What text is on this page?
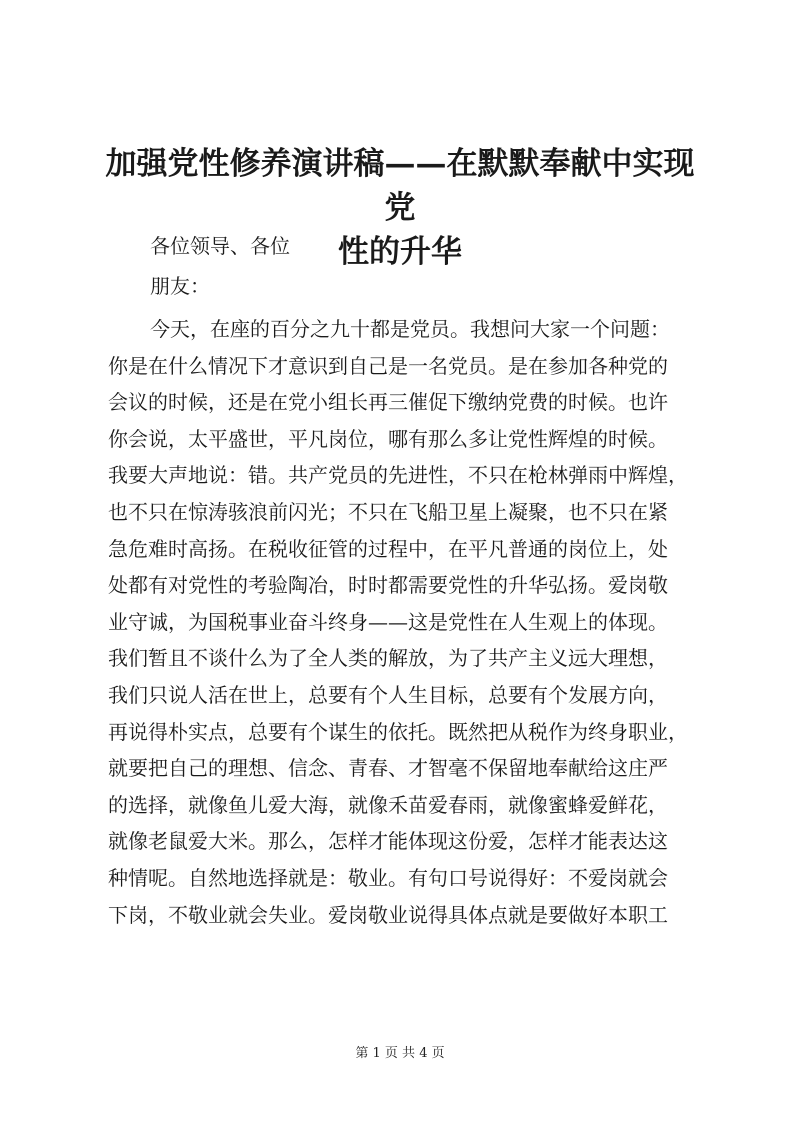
加强党性修养演讲稿——在默默奉献中实现党
性的升华

各位领导、各位

朋友：

今天，在座的百分之九十都是党员。我想问大家一个问题：
你是在什么情况下才意识到自己是一名党员。是在参加各种党的
会议的时候，还是在党小组长再三催促下缴纳党费的时候。也许
你会说，太平盛世，平凡岗位，哪有那么多让党性辉煌的时候。
我要大声地说：错。共产党员的先进性，不只在枪林弹雨中辉煌，
也不只在惊涛骇浪前闪光；不只在飞船卫星上凝聚，也不只在紧
急危难时高扬。在税收征管的过程中，在平凡普通的岗位上，处
处都有对党性的考验陶冶，时时都需要党性的升华弘扬。爱岗敬
业守诚，为国税事业奋斗终身——这是党性在人生观上的体现。
我们暂且不谈什么为了全人类的解放，为了共产主义远大理想，
我们只说人活在世上，总要有个人生目标，总要有个发展方向，
再说得朴实点，总要有个谋生的依托。既然把从税作为终身职业，
就要把自己的理想、信念、青春、才智毫不保留地奉献给这庄严
的选择，就像鱼儿爱大海，就像禾苗爱春雨，就像蜜蜂爱鲜花，
就像老鼠爱大米。那么，怎样才能体现这份爱，怎样才能表达这
种情呢。自然地选择就是：敬业。有句口号说得好：不爱岗就会
下岗，不敬业就会失业。爱岗敬业说得具体点就是要做好本职工
第 1 页 共 4 页
